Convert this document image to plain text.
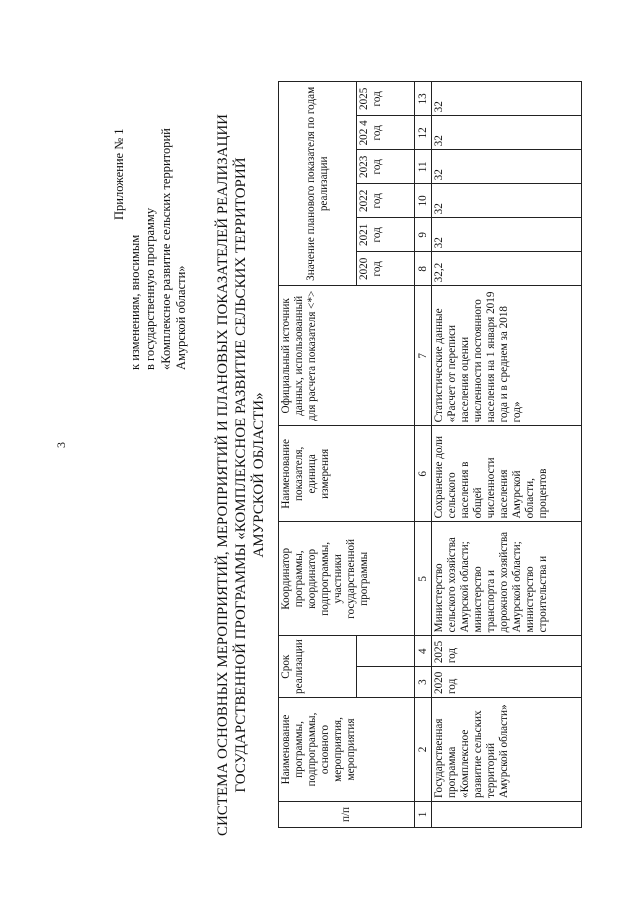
3
Приложение № 1
к изменениям, вносимым в государственную программу «Комплексное развитие сельских территорий Амурской области» СИСТЕМА ОСНОВНЫХ МЕРОПРИЯТИЙ, МЕРОПРИЯТИЙ И ПЛАНОВЫХ ПОКАЗАТЕЛЕЙ РЕАЛИЗАЦИИ ГОСУДАРСТВЕННОЙ ПРОГРАММЫ «КОМПЛЕКСНОЕ РАЗВИТИЕ СЕЛЬСКИХ ТЕРРИТОРИЙ АМУРСКОЙ ОБЛАСТИ»
п/п	Наименование программы, подпрограммы, основного мероприятия, мероприятия	Срок реализации		Координатор программы, координатор подпрограммы, участники государственной программы	Наименование показателя, единица измерения	Официальный источник данных, использованный для расчета показателя <*>	Значение планового показателя по годам реализации					
							2020 год	2021 год	2022 год	2023 год	202 4 год	2025 год
1	2	3	4	5	6	7	8	9	10	11	12	13
	Государственная программа «Комплексное развитие сельских территорий Амурской области»	2020 год	2025 год	Министерство сельского хозяйства Амурской области; министерство транспорта и дорожного хозяйства Амурской области; министерство строительства и	Сохранение доли сельского населения в общей численности населения Амурской области, процентов	Статистические данные «Расчет от переписи населения оценки численности постоянного населения на 1 января 2019 года и в среднем за 2018 год»	32,2	32	32	32	32	32
